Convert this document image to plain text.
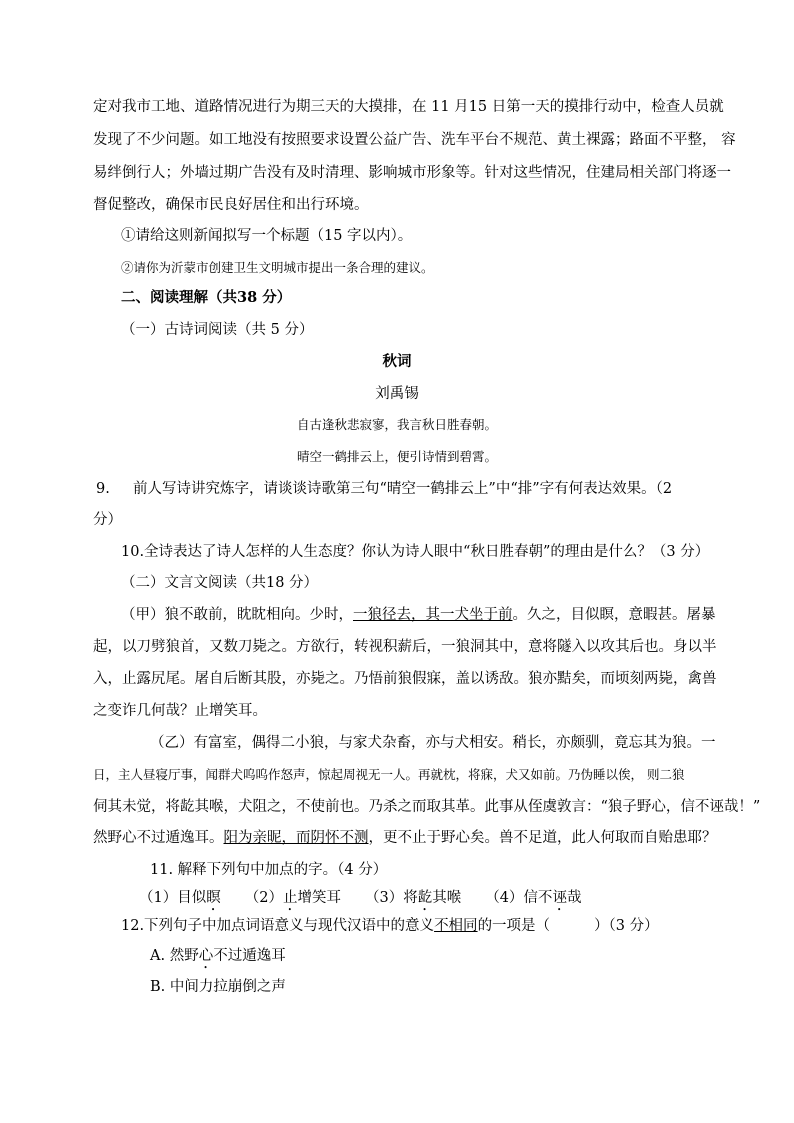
定对我市工地、道路情况进行为期三天的大摸排，在 11 月15 日第一天的摸排行动中，检查人员就
发现了不少问题。如工地没有按照要求设置公益广告、洗车平台不规范、黄土裸露；路面不平整， 容
易绊倒行人；外墙过期广告没有及时清理、影响城市形象等。针对这些情况，住建局相关部门将逐一
督促整改，确保市民良好居住和出行环境。
①请给这则新闻拟写一个标题（15 字以内）。
②请你为沂蒙市创建卫生文明城市提出一条合理的建议。
二、阅读理解（共38 分）
（一）古诗词阅读（共 5 分）
秋词
刘禹锡
自古逢秋悲寂寥，我言秋日胜春朝。
晴空一鹤排云上，便引诗情到碧霄。
9. 前人写诗讲究炼字，请谈谈诗歌第三句“晴空一鹤排云上”中“排”字有何表达效果。（2
分）
10.全诗表达了诗人怎样的人生态度？你认为诗人眼中“秋日胜春朝”的理由是什么？（3 分）
（二）文言文阅读（共18 分）
（甲）狼不敢前，眈眈相向。少时，一狼径去，其一犬坐于前。久之，目似瞑，意暇甚。屠暴
起，以刀劈狼首，又数刀毙之。方欲行，转视积薪后，一狼洞其中，意将隧入以攻其后也。身以半
入，止露尻尾。屠自后断其股，亦毙之。乃悟前狼假寐，盖以诱敌。狼亦黠矣，而顷刻两毙，禽兽
之变诈几何哉？止增笑耳。
（乙）有富室，偶得二小狼，与家犬杂畜，亦与犬相安。稍长，亦颇驯，竟忘其为狼。一
日，主人昼寝厅事，闻群犬呜呜作怒声，惊起周视无一人。再就枕，将寐，犬又如前。乃伪睡以俟， 则二狼
伺其未觉，将龁其喉，犬阻之，不使前也。乃杀之而取其革。此事从侄虞敦言：“狼子野心，信不诬哉！”
然野心不过遁逸耳。阳为亲昵，而阴怀不测，更不止于野心矣。兽不足道，此人何取而自贻患耶？
11. 解释下列句中加点的字。（4 分）
（1）目似瞑 （2）止增笑耳 （3）将龁其喉 （4）信不诬哉
12.下列句子中加点词语意义与现代汉语中的意义不相同的一项是（	）（3 分）
A. 然野心不过遁逸耳
B. 中间力拉崩倒之声
